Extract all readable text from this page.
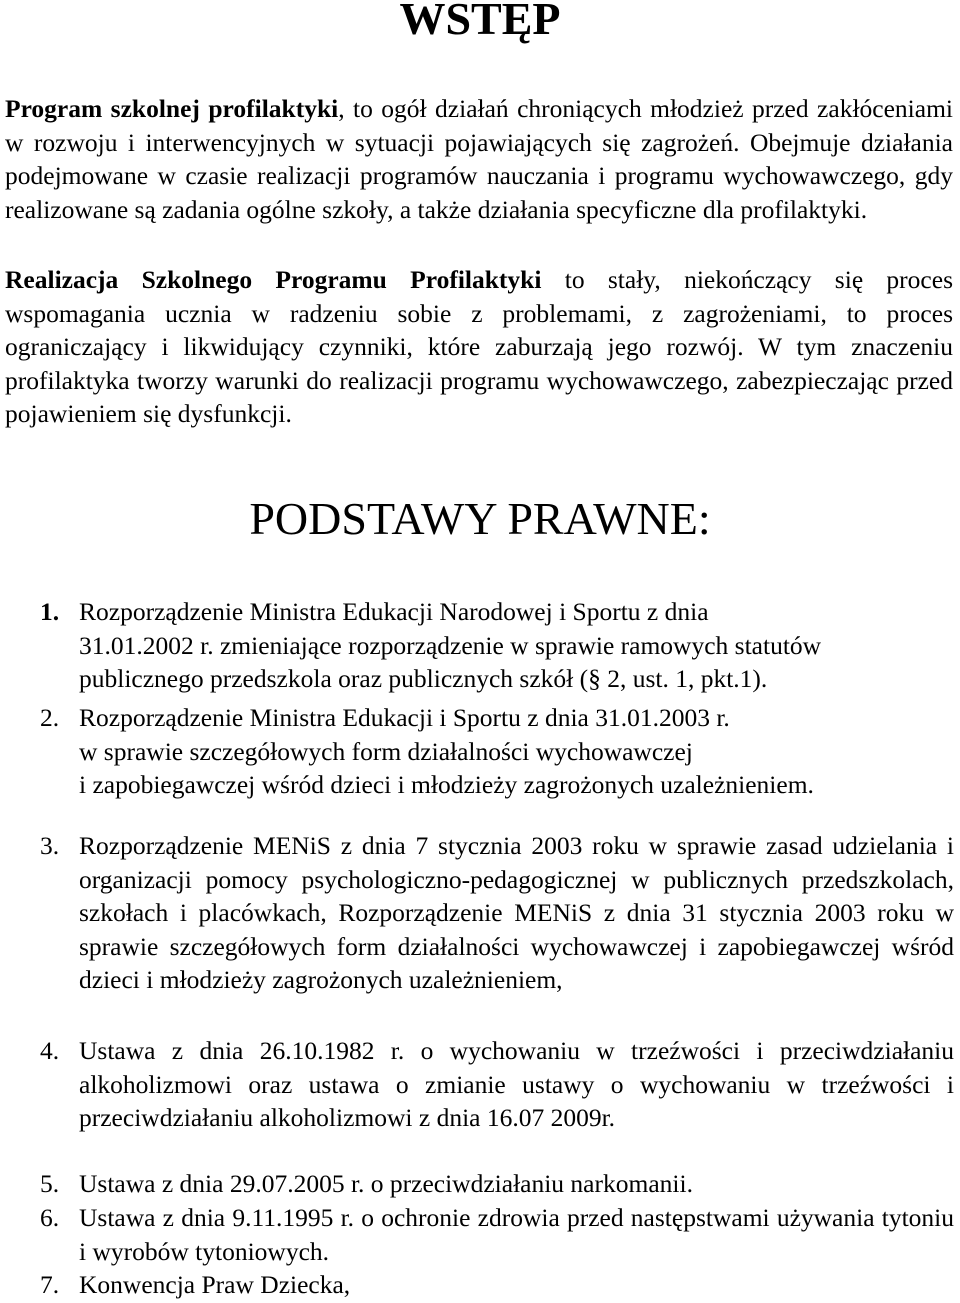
WSTĘP

Program szkolnej profilaktyki, to ogół działań chroniących młodzież przed zakłóceniami w rozwoju i interwencyjnych w sytuacji pojawiających się zagrożeń. Obejmuje działania podejmowane w czasie realizacji programów nauczania i programu wychowawczego, gdy realizowane są zadania ogólne szkoły, a także działania specyficzne dla profilaktyki.

Realizacja Szkolnego Programu Profilaktyki to stały, niekończący się proces wspomagania ucznia w radzeniu sobie z problemami, z zagrożeniami, to proces ograniczający i likwidujący czynniki, które zaburzają jego rozwój. W tym znaczeniu profilaktyka tworzy warunki do realizacji programu wychowawczego, zabezpieczając przed pojawieniem się dysfunkcji.

PODSTAWY PRAWNE:
1. Rozporządzenie Ministra Edukacji Narodowej i Sportu z dnia
31.01.2002 r. zmieniające rozporządzenie w sprawie ramowych statutów
publicznego przedszkola oraz publicznych szkół (§ 2, ust. 1, pkt.1).
2. Rozporządzenie Ministra Edukacji i Sportu z dnia 31.01.2003 r.
w sprawie szczegółowych form działalności wychowawczej
i zapobiegawczej wśród dzieci i młodzieży zagrożonych uzależnieniem.
3. Rozporządzenie MENiS z dnia 7 stycznia 2003 roku w sprawie zasad udzielania i organizacji pomocy psychologiczno-pedagogicznej w publicznych przedszkolach, szkołach i placówkach, Rozporządzenie MENiS z dnia 31 stycznia 2003 roku w sprawie szczegółowych form działalności wychowawczej i zapobiegawczej wśród dzieci i młodzieży zagrożonych uzależnieniem,
4. Ustawa z dnia 26.10.1982 r. o wychowaniu w trzeźwości i przeciwdziałaniu alkoholizmowi oraz ustawa o zmianie ustawy o wychowaniu w trzeźwości i przeciwdziałaniu alkoholizmowi z dnia 16.07 2009r.
5. Ustawa z dnia 29.07.2005 r. o przeciwdziałaniu narkomanii.
6. Ustawa z dnia 9.11.1995 r. o ochronie zdrowia przed następstwami używania tytoniu i wyrobów tytoniowych.
7. Konwencja Praw Dziecka,
